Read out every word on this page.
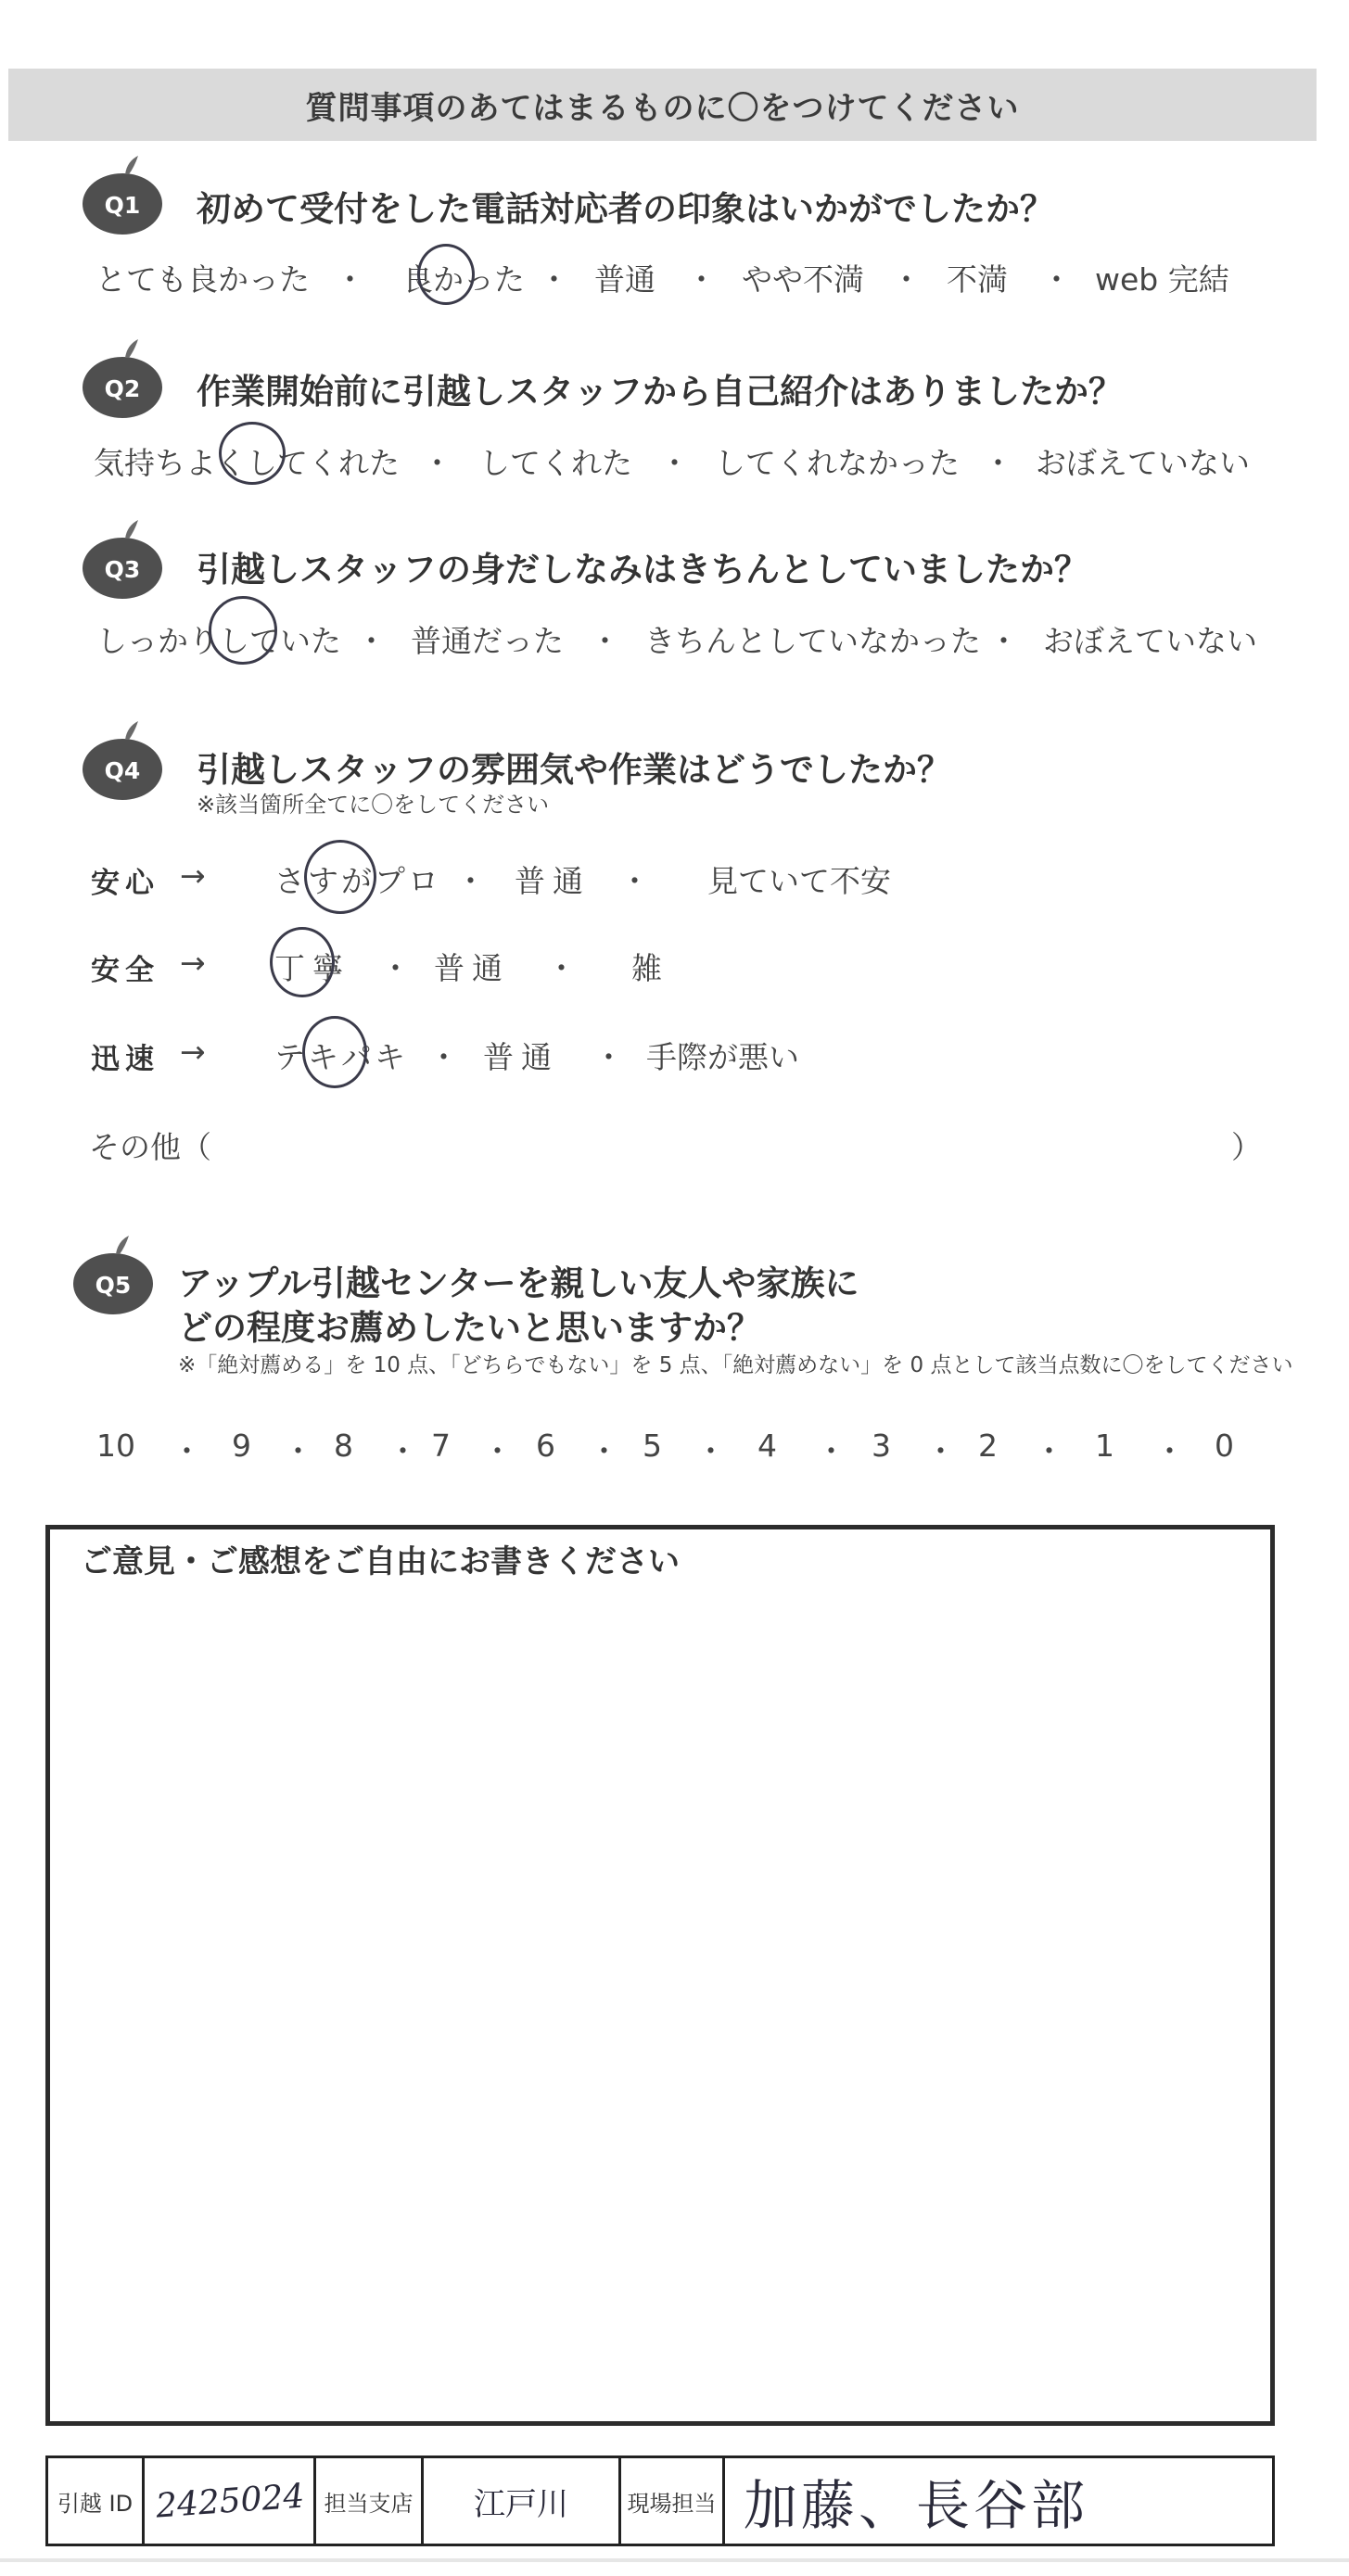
質問事項のあてはまるものに〇をつけてください
Q1 初めて受付をした電話対応者の印象はいかがでしたか？
とても良かった ・ 良かった ・ 普通 ・ やや不満 ・ 不満 ・ web 完結
Q2 作業開始前に引越しスタッフから自己紹介はありましたか？
気持ちよくしてくれた ・ してくれた ・ してくれなかった ・ おぼえていない
Q3 引越しスタッフの身だしなみはきちんとしていましたか？
しっかりしていた ・ 普通だった ・ きちんとしていなかった ・ おぼえていない
Q4 引越しスタッフの雰囲気や作業はどうでしたか？
※該当箇所全てに〇をしてください
安心 → さすがプロ ・ 普通 ・ 見ていて不安
安全 → 丁寧 ・ 普通 ・ 雑
迅速 → テキパキ ・ 普通 ・ 手際が悪い
その他（	）
Q5 アップル引越センターを親しい友人や家族に
どの程度お薦めしたいと思いますか？
※「絶対薦める」を 10 点、「どちらでもない」を 5 点、「絶対薦めない」を 0 点として該当点数に〇をしてください
10 ・ 9 ・ 8 ・ 7 ・ 6 ・ 5 ・ 4 ・ 3 ・ 2 ・ 1 ・ 0
ご意見・ご感想をご自由にお書きください
引越 ID 2425024 担当支店	江戸川	現場担当 加藤、長谷部
